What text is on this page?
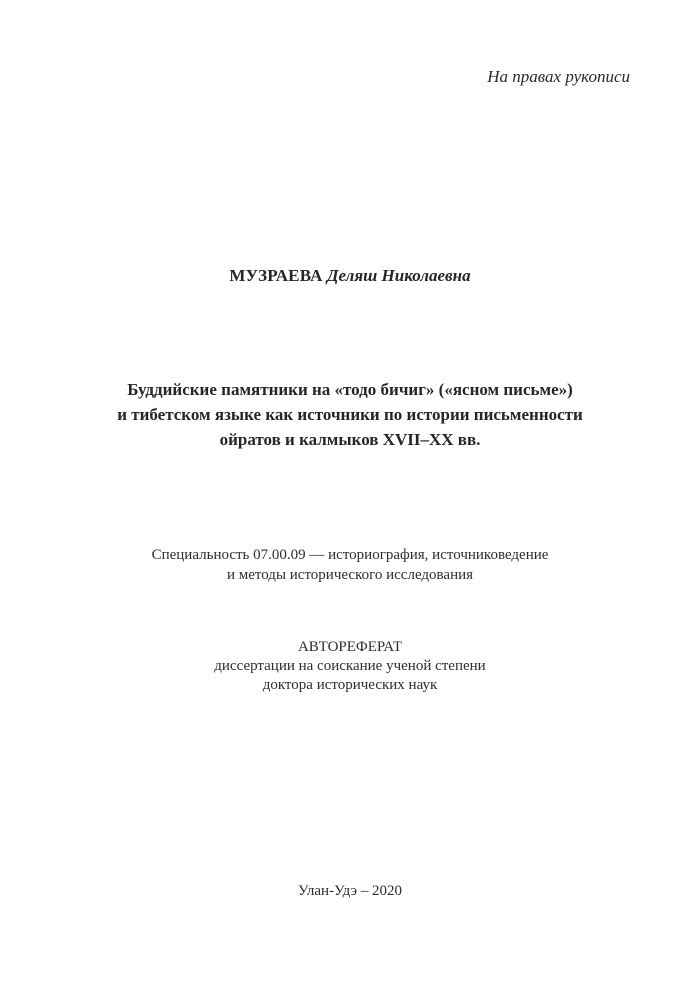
На правах рукописи
МУЗРАЕВА Деляш Николаевна
Буддийские памятники на «тодо бичиг» («ясном письме»)
и тибетском языке как источники по истории письменности
ойратов и калмыков XVII–XX вв.
Специальность 07.00.09 — историография, источниковедение
и методы исторического исследования
АВТОРЕФЕРАТ
диссертации на соискание ученой степени
доктора исторических наук
Улан-Удэ – 2020
